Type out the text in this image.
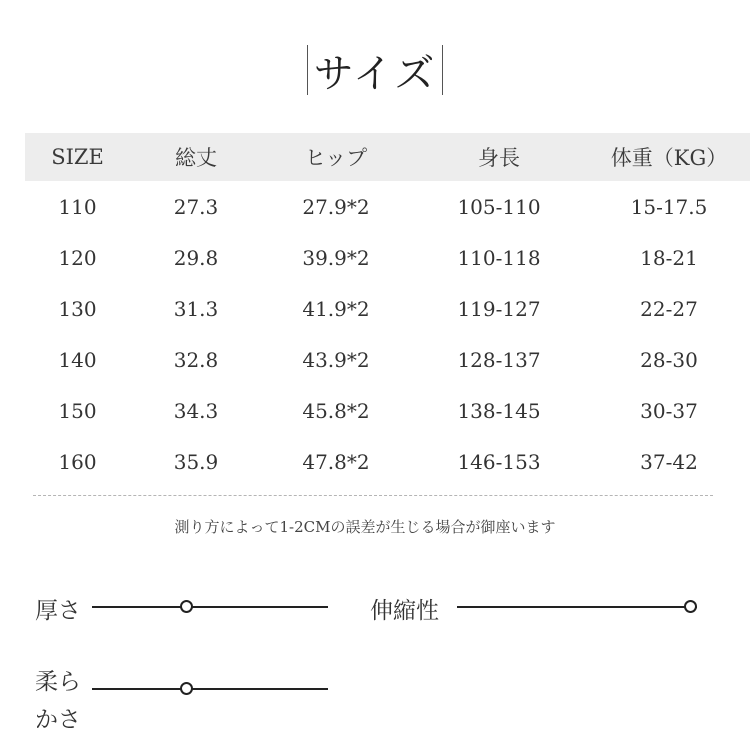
サイズ
SIZE	総丈	ヒップ	身長	体重（KG）
110	27.3	27.9*2	105-110	15-17.5
120	29.8	39.9*2	110-118	18-21
130	31.3	41.9*2	119-127	22-27
140	32.8	43.9*2	128-137	28-30
150	34.3	45.8*2	138-145	30-37
160	35.9	47.8*2	146-153	37-42
測り方によって1-2CMの誤差が生じる場合が御座います
厚さ	伸縮性
柔ら
かさ
